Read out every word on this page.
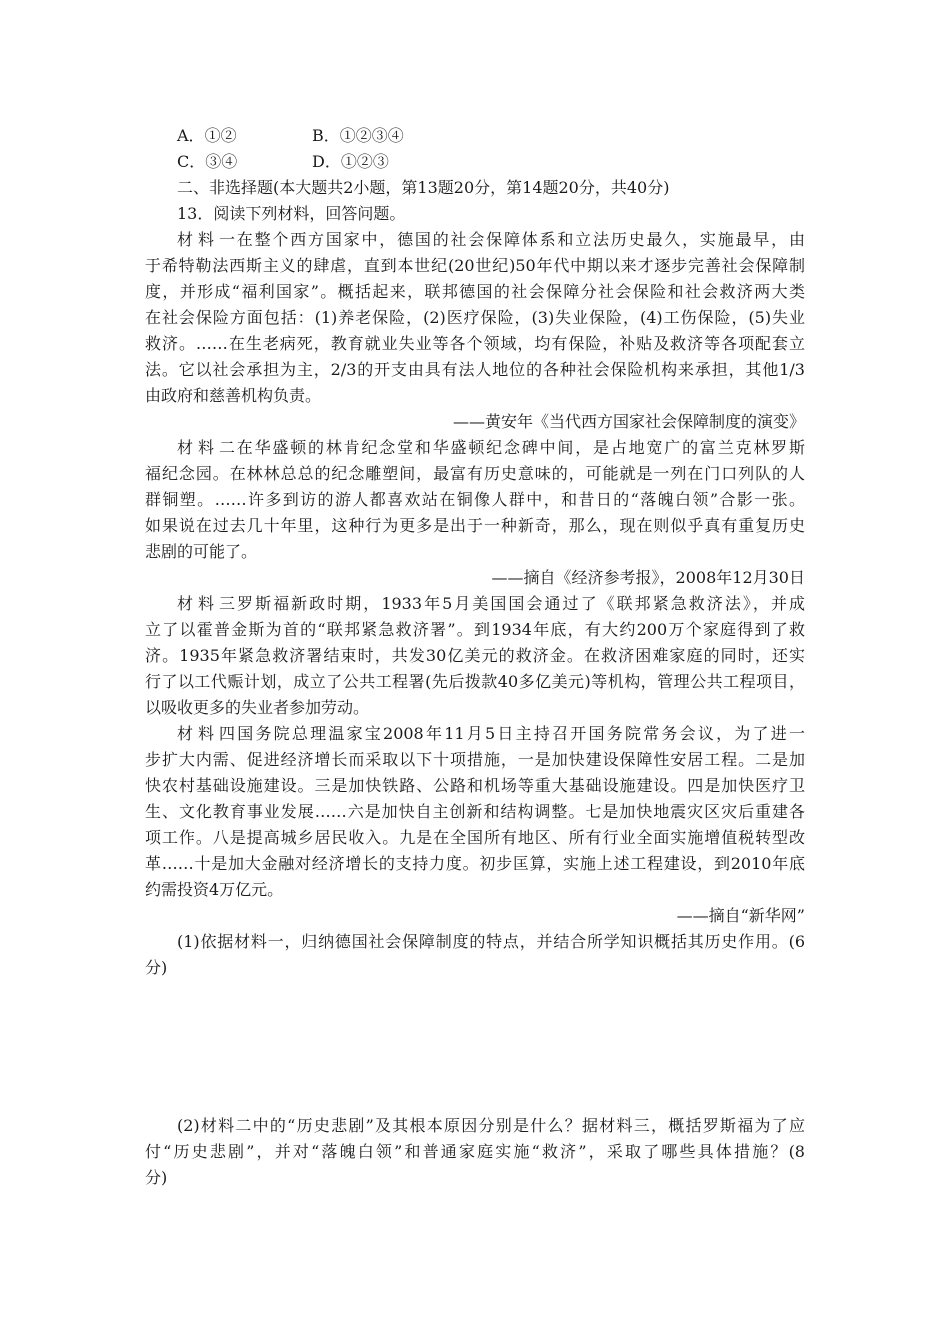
A．①②	B．①②③④
C．③④	D．①②③
二、非选择题(本大题共2小题，第13题20分，第14题20分，共40分)
13．阅读下列材料，回答问题。
材料一在整个西方国家中，德国的社会保障体系和立法历史最久，实施最早，由
于希特勒法西斯主义的肆虐，直到本世纪(20世纪)50年代中期以来才逐步完善社会保障制
度，并形成“福利国家”。概括起来，联邦德国的社会保障分社会保险和社会救济两大类
在社会保险方面包括：(1)养老保险，(2)医疗保险，(3)失业保险，(4)工伤保险，(5)失业
救济。……在生老病死，教育就业失业等各个领域，均有保险，补贴及救济等各项配套立
法。它以社会承担为主，2/3的开支由具有法人地位的各种社会保险机构来承担，其他1/3
由政府和慈善机构负责。
——黄安年《当代西方国家社会保障制度的演变》
材料二在华盛顿的林肯纪念堂和华盛顿纪念碑中间，是占地宽广的富兰克林罗斯
福纪念园。在林林总总的纪念雕塑间，最富有历史意味的，可能就是一列在门口列队的人
群铜塑。……许多到访的游人都喜欢站在铜像人群中，和昔日的“落魄白领”合影一张。
如果说在过去几十年里，这种行为更多是出于一种新奇，那么，现在则似乎真有重复历史
悲剧的可能了。
——摘自《经济参考报》，2008年12月30日
材料三罗斯福新政时期，1933年5月美国国会通过了《联邦紧急救济法》，并成
立了以霍普金斯为首的“联邦紧急救济署”。到1934年底，有大约200万个家庭得到了救
济。1935年紧急救济署结束时，共发30亿美元的救济金。在救济困难家庭的同时，还实
行了以工代赈计划，成立了公共工程署(先后拨款40多亿美元)等机构，管理公共工程项目，
以吸收更多的失业者参加劳动。
材料四国务院总理温家宝2008年11月5日主持召开国务院常务会议，为了进一
步扩大内需、促进经济增长而采取以下十项措施，一是加快建设保障性安居工程。二是加
快农村基础设施建设。三是加快铁路、公路和机场等重大基础设施建设。四是加快医疗卫
生、文化教育事业发展……六是加快自主创新和结构调整。七是加快地震灾区灾后重建各
项工作。八是提高城乡居民收入。九是在全国所有地区、所有行业全面实施增值税转型改
革……十是加大金融对经济增长的支持力度。初步匡算，实施上述工程建设，到2010年底
约需投资4万亿元。
——摘自“新华网”
(1)依据材料一，归纳德国社会保障制度的特点，并结合所学知识概括其历史作用。(6
分)
(2)材料二中的“历史悲剧”及其根本原因分别是什么？据材料三，概括罗斯福为了应
付“历史悲剧”，并对“落魄白领”和普通家庭实施“救济”，采取了哪些具体措施？(8
分)
